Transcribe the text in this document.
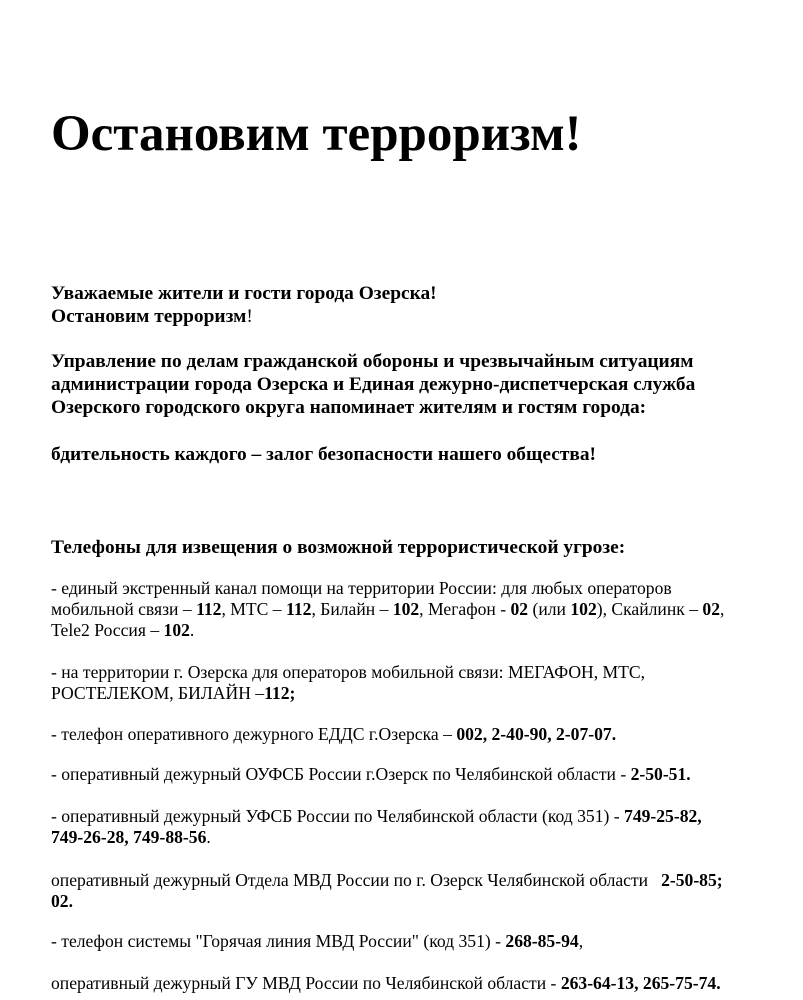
Остановим терроризм!
Уважаемые жители и гости города Озерска!
Остановим терроризм!
Управление по делам гражданской обороны и чрезвычайным ситуациям
администрации города Озерска и Единая дежурно-диспетчерская служба
Озерского городского округа напоминает жителям и гостям города:
бдительность каждого – залог безопасности нашего общества!
Телефоны для извещения о возможной террористической угрозе:
- единый экстренный канал помощи на территории России: для любых операторов
мобильной связи – 112, МТС – 112, Билайн – 102, Мегафон - 02 (или 102), Скайлинк – 02,
Tele2 Россия – 102.
- на территории г. Озерска для операторов мобильной связи: МЕГАФОН, МТС,
РОСТЕЛЕКОМ, БИЛАЙН –112;
- телефон оперативного дежурного ЕДДС г.Озерска – 002, 2-40-90, 2-07-07.
- оперативный дежурный ОУФСБ России г.Озерск по Челябинской области - 2-50-51.
- оперативный дежурный УФСБ России по Челябинской области (код 351) - 749-25-82,
749-26-28, 749-88-56.
оперативный дежурный Отдела МВД России по г. Озерск Челябинской области 2-50-85;
02.
- телефон системы "Горячая линия МВД России" (код 351) - 268-85-94,
оперативный дежурный ГУ МВД России по Челябинской области - 263-64-13, 265-75-74.
